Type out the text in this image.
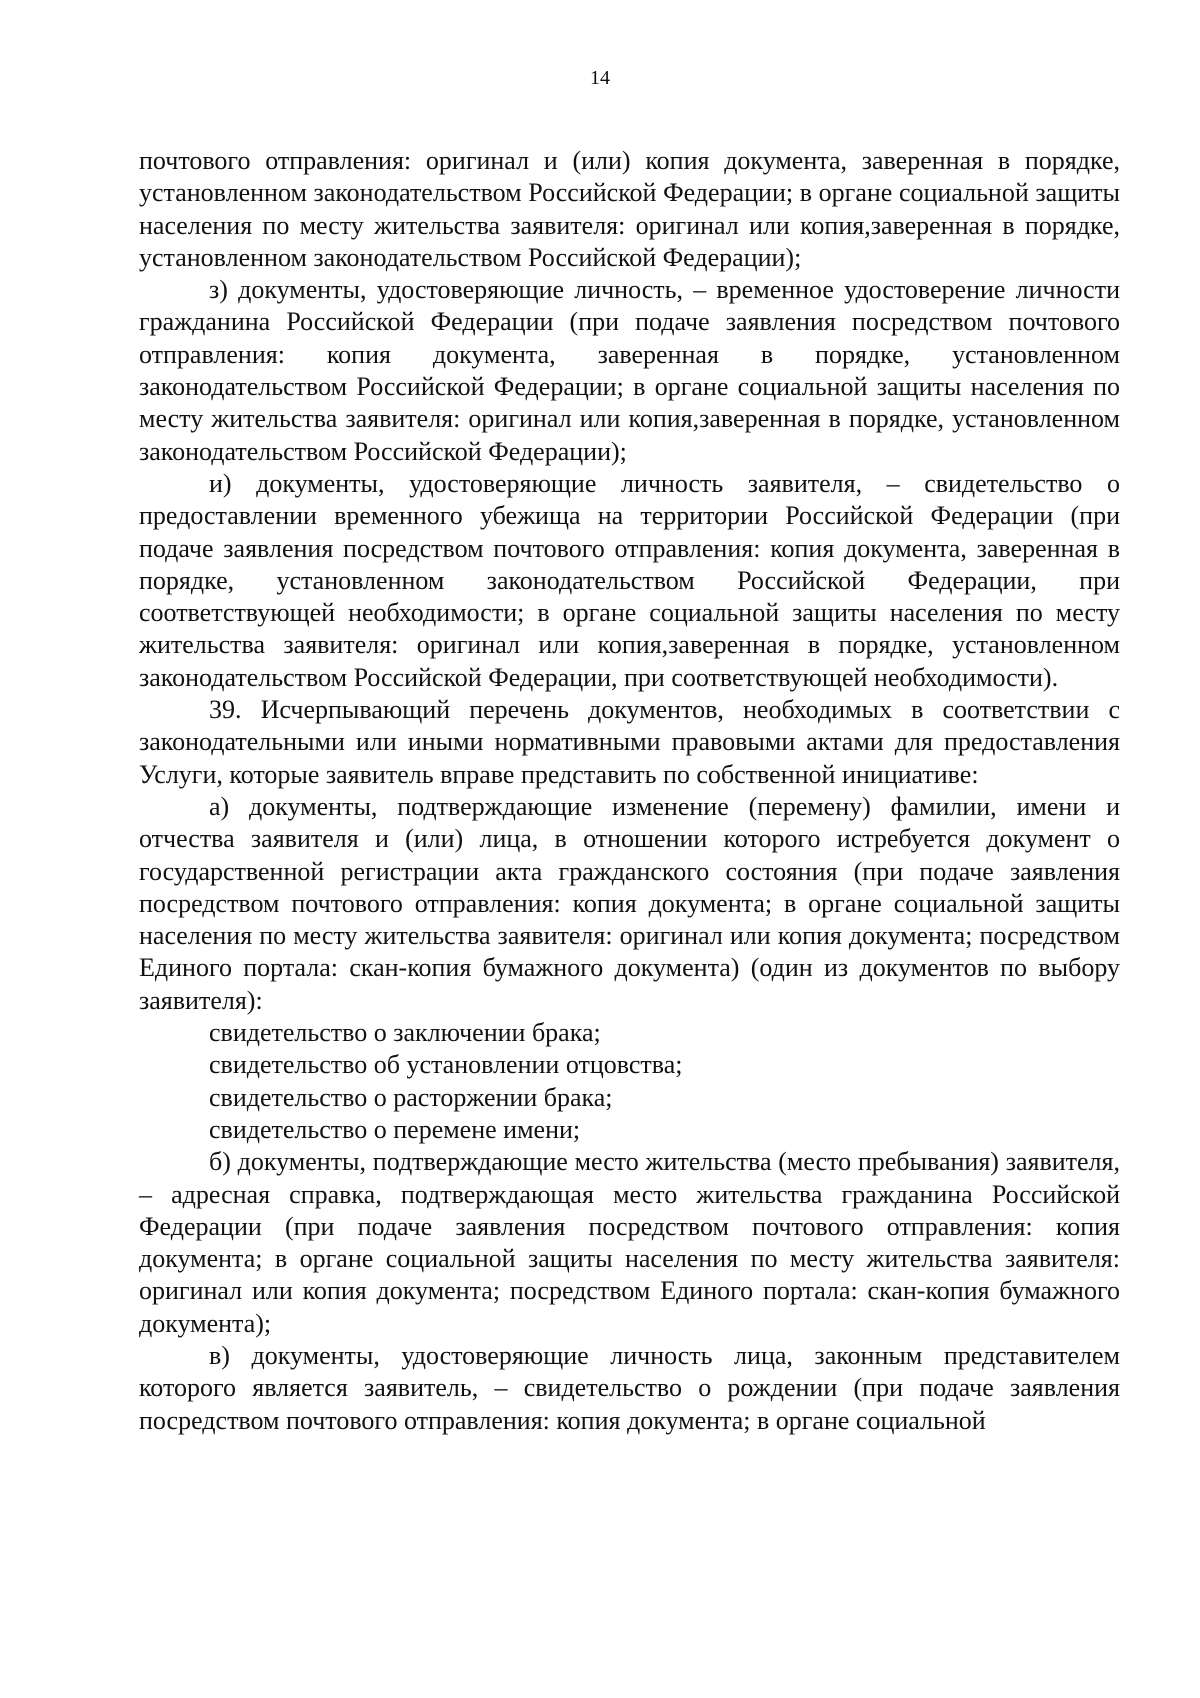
14

почтового отправления: оригинал и (или) копия документа, заверенная в порядке, установленном законодательством Российской Федерации; в органе социальной защиты населения по месту жительства заявителя: оригинал или копия,заверенная в порядке, установленном законодательством Российской Федерации);

з) документы, удостоверяющие личность, – временное удостоверение личности гражданина Российской Федерации (при подаче заявления посредством почтового отправления: копия документа, заверенная в порядке, установленном законодательством Российской Федерации; в органе социальной защиты населения по месту жительства заявителя: оригинал или копия,заверенная в порядке, установленном законодательством Российской Федерации);

и) документы, удостоверяющие личность заявителя, – свидетельство о предоставлении временного убежища на территории Российской Федерации (при подаче заявления посредством почтового отправления: копия документа, заверенная в порядке, установленном законодательством Российской Федерации, при соответствующей необходимости; в органе социальной защиты населения по месту жительства заявителя: оригинал или копия,заверенная в порядке, установленном законодательством Российской Федерации, при соответствующей необходимости).

39. Исчерпывающий перечень документов, необходимых в соответствии с законодательными или иными нормативными правовыми актами для предоставления Услуги, которые заявитель вправе представить по собственной инициативе:

а) документы, подтверждающие изменение (перемену) фамилии, имени и отчества заявителя и (или) лица, в отношении которого истребуется документ о государственной регистрации акта гражданского состояния (при подаче заявления посредством почтового отправления: копия документа; в органе социальной защиты населения по месту жительства заявителя: оригинал или копия документа; посредством Единого портала: скан-копия бумажного документа) (один из документов по выбору заявителя):

свидетельство о заключении брака;

свидетельство об установлении отцовства;

свидетельство о расторжении брака;

свидетельство о перемене имени;

б) документы, подтверждающие место жительства (место пребывания) заявителя, – адресная справка, подтверждающая место жительства гражданина Российской Федерации (при подаче заявления посредством почтового отправления: копия документа; в органе социальной защиты населения по месту жительства заявителя: оригинал или копия документа; посредством Единого портала: скан-копия бумажного документа);

в) документы, удостоверяющие личность лица, законным представителем которого является заявитель, – свидетельство о рождении (при подаче заявления посредством почтового отправления: копия документа; в органе социальной
